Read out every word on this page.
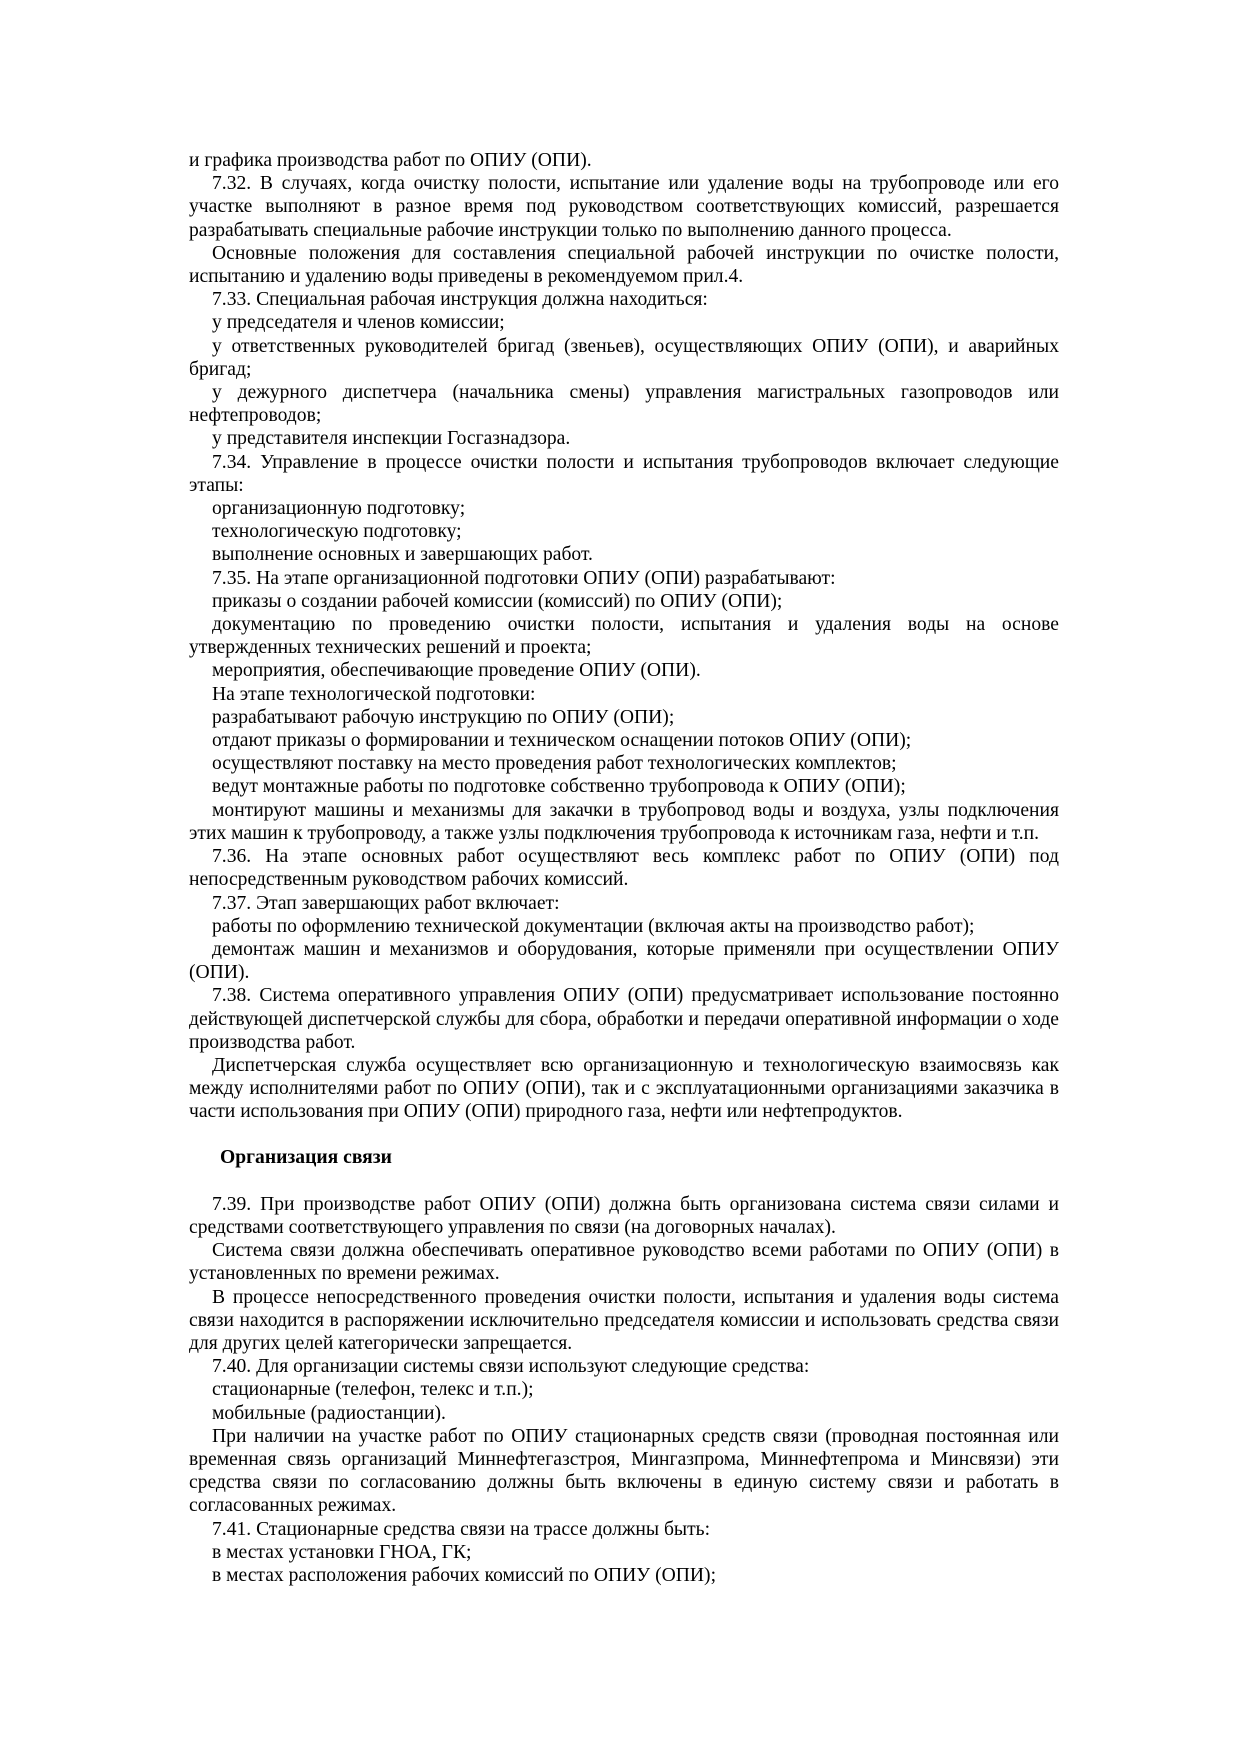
и графика производства работ по ОПИУ (ОПИ).

7.32. В случаях, когда очистку полости, испытание или удаление воды на трубопроводе или его участке выполняют в разное время под руководством соответствующих комиссий, разрешается разрабатывать специальные рабочие инструкции только по выполнению данного процесса.

Основные положения для составления специальной рабочей инструкции по очистке полости, испытанию и удалению воды приведены в рекомендуемом прил.4.

7.33. Специальная рабочая инструкция должна находиться:

у председателя и членов комиссии;

у ответственных руководителей бригад (звеньев), осуществляющих ОПИУ (ОПИ), и аварийных бригад;

у дежурного диспетчера (начальника смены) управления магистральных газопроводов или нефтепроводов;

у представителя инспекции Госгазнадзора.

7.34. Управление в процессе очистки полости и испытания трубопроводов включает следующие этапы:

организационную подготовку;

технологическую подготовку;

выполнение основных и завершающих работ.

7.35. На этапе организационной подготовки ОПИУ (ОПИ) разрабатывают:

приказы о создании рабочей комиссии (комиссий) по ОПИУ (ОПИ);

документацию по проведению очистки полости, испытания и удаления воды на основе утвержденных технических решений и проекта;

мероприятия, обеспечивающие проведение ОПИУ (ОПИ).

На этапе технологической подготовки:

разрабатывают рабочую инструкцию по ОПИУ (ОПИ);

отдают приказы о формировании и техническом оснащении потоков ОПИУ (ОПИ);

осуществляют поставку на место проведения работ технологических комплектов;

ведут монтажные работы по подготовке собственно трубопровода к ОПИУ (ОПИ);

монтируют машины и механизмы для закачки в трубопровод воды и воздуха, узлы подключения этих машин к трубопроводу, а также узлы подключения трубопровода к источникам газа, нефти и т.п.

7.36. На этапе основных работ осуществляют весь комплекс работ по ОПИУ (ОПИ) под непосредственным руководством рабочих комиссий.

7.37. Этап завершающих работ включает:

работы по оформлению технической документации (включая акты на производство работ);

демонтаж машин и механизмов и оборудования, которые применяли при осуществлении ОПИУ (ОПИ).

7.38. Система оперативного управления ОПИУ (ОПИ) предусматривает использование постоянно действующей диспетчерской службы для сбора, обработки и передачи оперативной информации о ходе производства работ.

Диспетчерская служба осуществляет всю организационную и технологическую взаимосвязь как между исполнителями работ по ОПИУ (ОПИ), так и с эксплуатационными организациями заказчика в части использования при ОПИУ (ОПИ) природного газа, нефти или нефтепродуктов.

Организация связи

7.39. При производстве работ ОПИУ (ОПИ) должна быть организована система связи силами и средствами соответствующего управления по связи (на договорных началах).

Система связи должна обеспечивать оперативное руководство всеми работами по ОПИУ (ОПИ) в установленных по времени режимах.

В процессе непосредственного проведения очистки полости, испытания и удаления воды система связи находится в распоряжении исключительно председателя комиссии и использовать средства связи для других целей категорически запрещается.

7.40. Для организации системы связи используют следующие средства:

стационарные (телефон, телекс и т.п.);

мобильные (радиостанции).

При наличии на участке работ по ОПИУ стационарных средств связи (проводная постоянная или временная связь организаций Миннефтегазстроя, Мингазпрома, Миннефтепрома и Минсвязи) эти средства связи по согласованию должны быть включены в единую систему связи и работать в согласованных режимах.

7.41. Стационарные средства связи на трассе должны быть:

в местах установки ГНОА, ГК;

в местах расположения рабочих комиссий по ОПИУ (ОПИ);
